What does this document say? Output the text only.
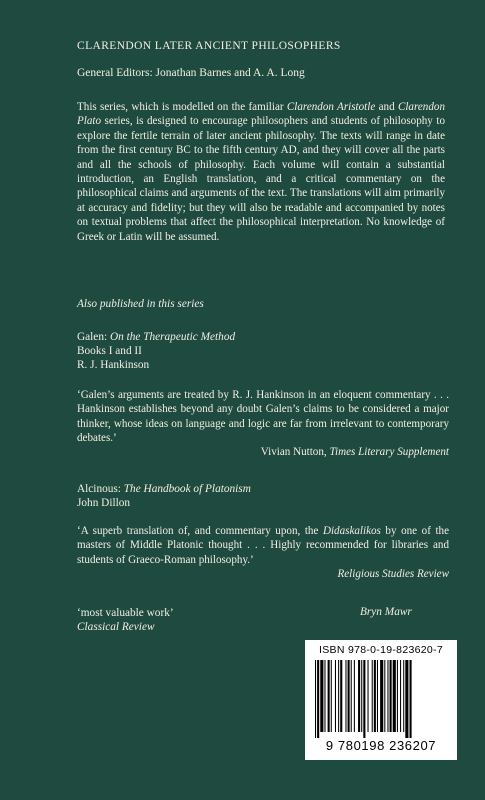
CLARENDON LATER ANCIENT PHILOSOPHERS

General Editors: Jonathan Barnes and A. A. Long

This series, which is modelled on the familiar Clarendon Aristotle and Clarendon Plato series, is designed to encourage philosophers and students of philosophy to explore the fertile terrain of later ancient philosophy. The texts will range in date from the first century BC to the fifth century AD, and they will cover all the parts and all the schools of philosophy. Each volume will contain a substantial introduction, an English translation, and a critical commentary on the philosophical claims and arguments of the text. The translations will aim primarily at accuracy and fidelity; but they will also be readable and accompanied by notes on textual problems that affect the philosophical interpretation. No knowledge of Greek or Latin will be assumed.

Also published in this series

Galen: On the Therapeutic Method
Books I and II
R. J. Hankinson

‘Galen’s arguments are treated by R. J. Hankinson in an eloquent commentary . . . Hankinson establishes beyond any doubt Galen’s claims to be considered a major thinker, whose ideas on language and logic are far from irrelevant to contemporary debates.’
Vivian Nutton, Times Literary Supplement

Alcinous: The Handbook of Platonism
John Dillon

‘A superb translation of, and commentary upon, the Didaskalikos by one of the masters of Middle Platonic thought . . . Highly recommended for libraries and students of Graeco-Roman philosophy.’
Religious Studies Review

‘most valuable work’
Classical Review
Bryn Mawr
ISBN 978-0-19-823620-7
9 780198 236207
